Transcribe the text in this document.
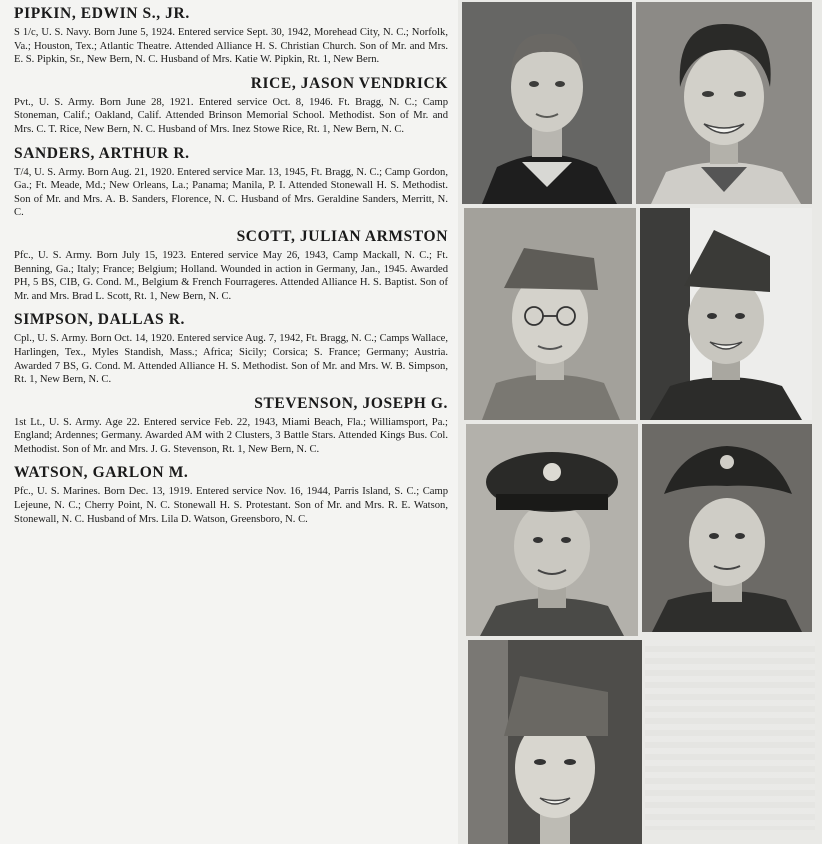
PIPKIN, EDWIN S., JR.

S 1/c, U. S. Navy. Born June 5, 1924. Entered service Sept. 30, 1942, Morehead City, N. C.; Norfolk, Va.; Houston, Tex.; Atlantic Theatre. Attended Alliance H. S. Christian Church. Son of Mr. and Mrs. E. S. Pipkin, Sr., New Bern, N. C. Husband of Mrs. Katie W. Pipkin, Rt. 1, New Bern.

RICE, JASON VENDRICK

Pvt., U. S. Army. Born June 28, 1921. Entered service Oct. 8, 1946. Ft. Bragg, N. C.; Camp Stoneman, Calif.; Oakland, Calif. Attended Brinson Memorial School. Methodist. Son of Mr. and Mrs. C. T. Rice, New Bern, N. C. Husband of Mrs. Inez Stowe Rice, Rt. 1, New Bern, N. C.

SANDERS, ARTHUR R.

T/4, U. S. Army. Born Aug. 21, 1920. Entered service Mar. 13, 1945, Ft. Bragg, N. C.; Camp Gordon, Ga.; Ft. Meade, Md.; New Orleans, La.; Panama; Manila, P. I. Attended Stonewall H. S. Methodist. Son of Mr. and Mrs. A. B. Sanders, Florence, N. C. Husband of Mrs. Geraldine Sanders, Merritt, N. C.

SCOTT, JULIAN ARMSTON

Pfc., U. S. Army. Born July 15, 1923. Entered service May 26, 1943, Camp Mackall, N. C.; Ft. Benning, Ga.; Italy; France; Belgium; Holland. Wounded in action in Germany, Jan., 1945. Awarded PH, 5 BS, CIB, G. Cond. M., Belgium & French Fourrageres. Attended Alliance H. S. Baptist. Son of Mr. and Mrs. Brad L. Scott, Rt. 1, New Bern, N. C.

SIMPSON, DALLAS R.

Cpl., U. S. Army. Born Oct. 14, 1920. Entered service Aug. 7, 1942, Ft. Bragg, N. C.; Camps Wallace, Harlingen, Tex., Myles Standish, Mass.; Africa; Sicily; Corsica; S. France; Germany; Austria. Awarded 7 BS, G. Cond. M. Attended Alliance H. S. Methodist. Son of Mr. and Mrs. W. B. Simpson, Rt. 1, New Bern, N. C.

STEVENSON, JOSEPH G.

1st Lt., U. S. Army. Age 22. Entered service Feb. 22, 1943, Miami Beach, Fla.; Williamsport, Pa.; England; Ardennes; Germany. Awarded AM with 2 Clusters, 3 Battle Stars. Attended Kings Bus. Col. Methodist. Son of Mr. and Mrs. J. G. Stevenson, Rt. 1, New Bern, N. C.

WATSON, GARLON M.

Pfc., U. S. Marines. Born Dec. 13, 1919. Entered service Nov. 16, 1944, Parris Island, S. C.; Camp Lejeune, N. C.; Cherry Point, N. C. Stonewall H. S. Protestant. Son of Mr. and Mrs. R. E. Watson, Stonewall, N. C. Husband of Mrs. Lila D. Watson, Greensboro, N. C.
